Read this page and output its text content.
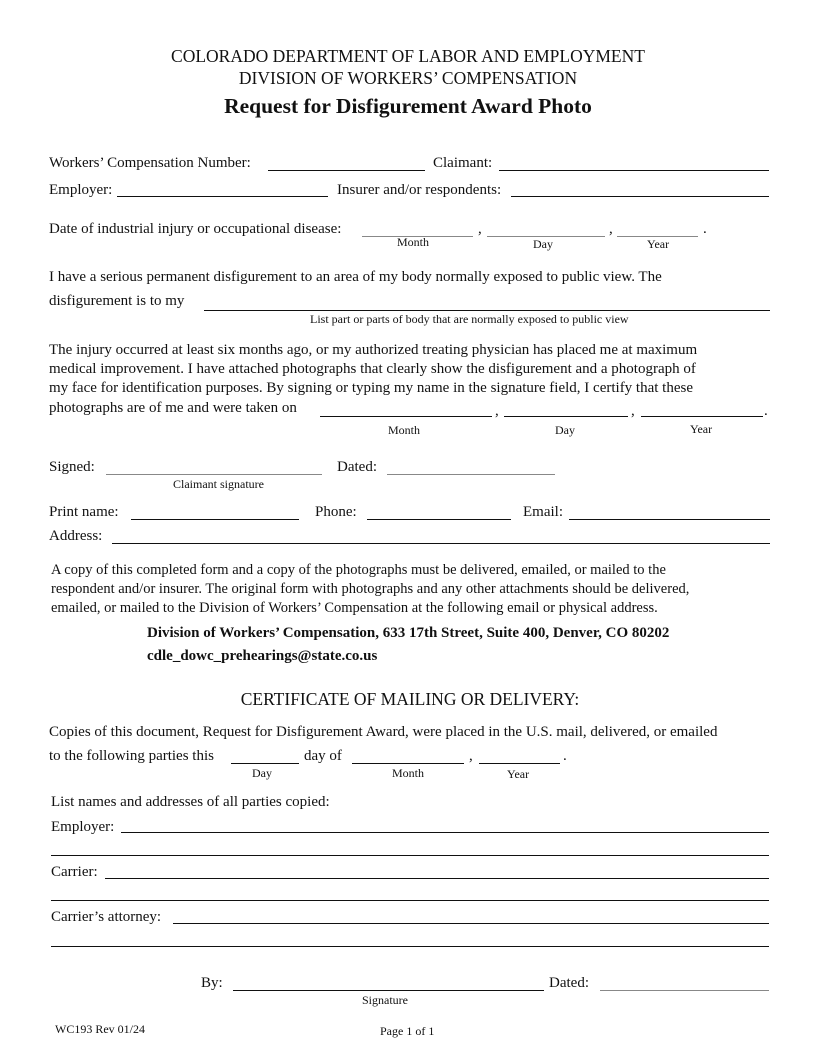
COLORADO DEPARTMENT OF LABOR AND EMPLOYMENT
DIVISION OF WORKERS’ COMPENSATION
Request for Disfigurement Award Photo
Workers’ Compensation Number:	Claimant:
Employer:	Insurer and/or respondents:
Date of industrial injury or occupational disease:	,	,	.
Month	Day	Year
I have a serious permanent disfigurement to an area of my body normally exposed to public view. The
disfigurement is to my
List part or parts of body that are normally exposed to public view
The injury occurred at least six months ago, or my authorized treating physician has placed me at maximum
medical improvement. I have attached photographs that clearly show the disfigurement and a photograph of
my face for identification purposes. By signing or typing my name in the signature field, I certify that these
photographs are of me and were taken on	,	,	.
Month	Day	Year
Signed:
Claimant signature
Dated:
Print name:	Phone:	Email:
Address:
A copy of this completed form and a copy of the photographs must be delivered, emailed, or mailed to the
respondent and/or insurer. The original form with photographs and any other attachments should be delivered,
emailed, or mailed to the Division of Workers’ Compensation at the following email or physical address.
Division of Workers’ Compensation, 633 17th Street, Suite 400, Denver, CO 80202
cdle_dowc_prehearings@state.co.us
CERTIFICATE OF MAILING OR DELIVERY:
Copies of this document, Request for Disfigurement Award, were placed in the U.S. mail, delivered, or emailed
to the following parties this	day of	,	.
Day	Month	Year
List names and addresses of all parties copied:
Employer:
Carrier:
Carrier’s attorney:
By:
Signature
Dated:
WC193 Rev 01/24	Page 1 of 1
